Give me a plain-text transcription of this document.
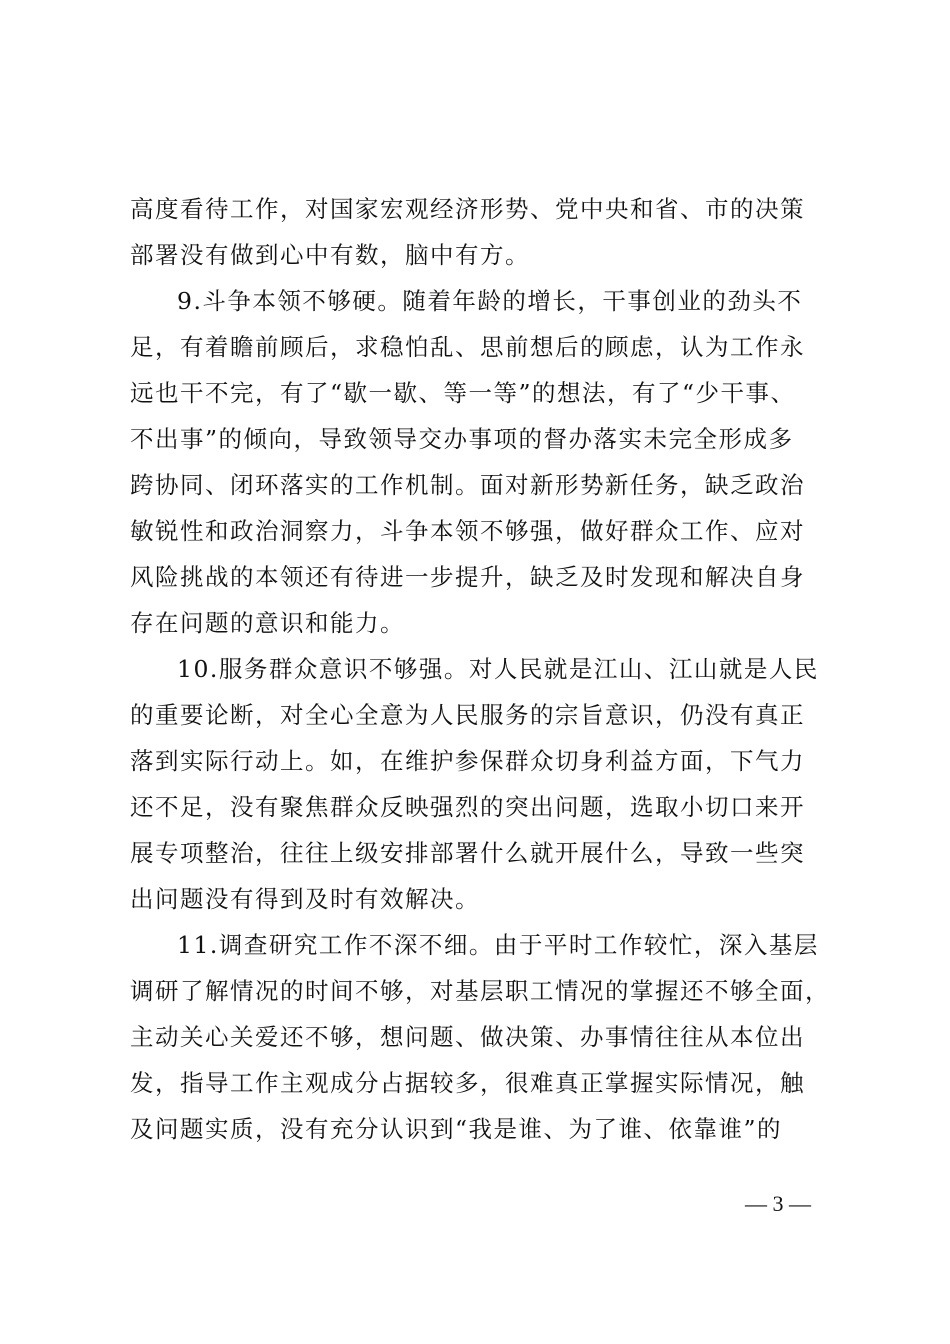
高度看待工作，对国家宏观经济形势、党中央和省、市的决策
部署没有做到心中有数，脑中有方。
9.斗争本领不够硬。随着年龄的增长，干事创业的劲头不
足，有着瞻前顾后，求稳怕乱、思前想后的顾虑，认为工作永
远也干不完，有了“歇一歇、等一等”的想法，有了“少干事、
不出事”的倾向，导致领导交办事项的督办落实未完全形成多
跨协同、闭环落实的工作机制。面对新形势新任务，缺乏政治
敏锐性和政治洞察力，斗争本领不够强，做好群众工作、应对
风险挑战的本领还有待进一步提升，缺乏及时发现和解决自身
存在问题的意识和能力。
10.服务群众意识不够强。对人民就是江山、江山就是人民
的重要论断，对全心全意为人民服务的宗旨意识，仍没有真正
落到实际行动上。如，在维护参保群众切身利益方面，下气力
还不足，没有聚焦群众反映强烈的突出问题，选取小切口来开
展专项整治，往往上级安排部署什么就开展什么，导致一些突
出问题没有得到及时有效解决。
11.调查研究工作不深不细。由于平时工作较忙，深入基层
调研了解情况的时间不够，对基层职工情况的掌握还不够全面，
主动关心关爱还不够，想问题、做决策、办事情往往从本位出
发，指导工作主观成分占据较多，很难真正掌握实际情况，触
及问题实质，没有充分认识到“我是谁、为了谁、依靠谁”的
— 3 —
